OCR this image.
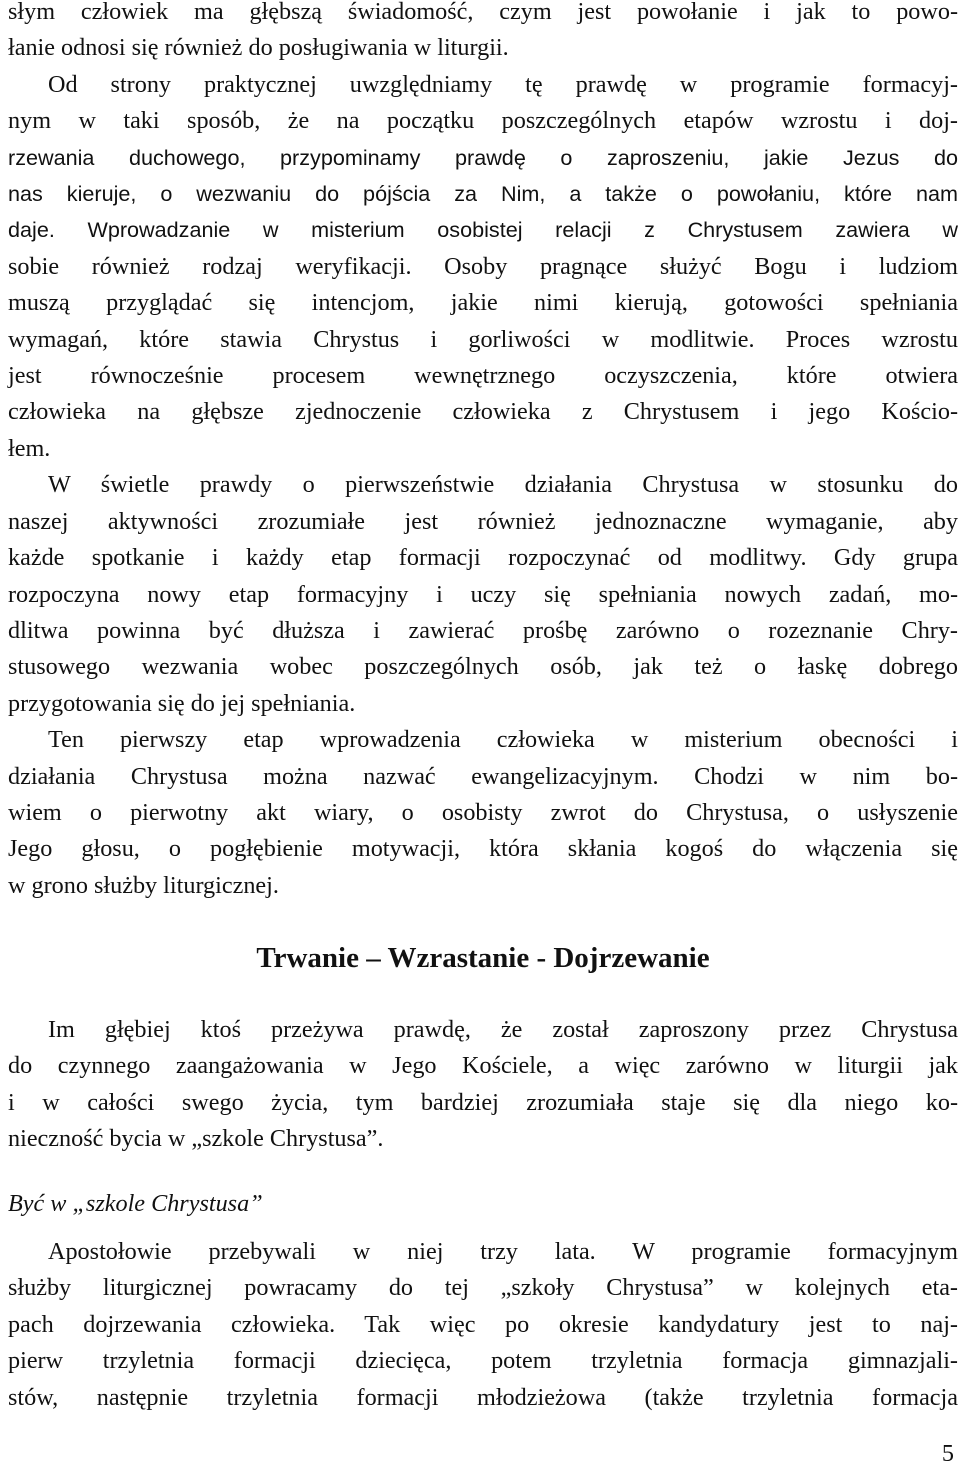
słym człowiek ma głębszą świadomość, czym jest powołanie i jak to powo-
łanie odnosi się również do posługiwania w liturgii.
Od strony praktycznej uwzględniamy tę prawdę w programie formacyj-
nym w taki sposób, że na początku poszczególnych etapów wzrostu i doj-
rzewania duchowego, przypominamy prawdę o zaproszeniu, jakie Jezus do
nas kieruje, o wezwaniu do pójścia za Nim, a także o powołaniu, które nam
daje. Wprowadzanie w misterium osobistej relacji z Chrystusem zawiera w
sobie również rodzaj weryfikacji. Osoby pragnące służyć Bogu i ludziom
muszą przyglądać się intencjom, jakie nimi kierują, gotowości spełniania
wymagań, które stawia Chrystus i gorliwości w modlitwie. Proces wzrostu
jest równocześnie procesem wewnętrznego oczyszczenia, które otwiera
człowieka na głębsze zjednoczenie człowieka z Chrystusem i jego Kościo-
łem.
W świetle prawdy o pierwszeństwie działania Chrystusa w stosunku do
naszej aktywności zrozumiałe jest również jednoznaczne wymaganie, aby
każde spotkanie i każdy etap formacji rozpoczynać od modlitwy. Gdy grupa
rozpoczyna nowy etap formacyjny i uczy się spełniania nowych zadań, mo-
dlitwa powinna być dłuższa i zawierać prośbę zarówno o rozeznanie Chry-
stusowego wezwania wobec poszczególnych osób, jak też o łaskę dobrego
przygotowania się do jej spełniania.
Ten pierwszy etap wprowadzenia człowieka w misterium obecności i
działania Chrystusa można nazwać ewangelizacyjnym. Chodzi w nim bo-
wiem o pierwotny akt wiary, o osobisty zwrot do Chrystusa, o usłyszenie
Jego głosu, o pogłębienie motywacji, która skłania kogoś do włączenia się
w grono służby liturgicznej.

Trwanie – Wzrastanie - Dojrzewanie

Im głębiej ktoś przeżywa prawdę, że został zaproszony przez Chrystusa
do czynnego zaangażowania w Jego Kościele, a więc zarówno w liturgii jak
i w całości swego życia, tym bardziej zrozumiała staje się dla niego ko-
nieczność bycia w „szkole Chrystusa”.

Być w „szkole Chrystusa”

Apostołowie przebywali w niej trzy lata. W programie formacyjnym
służby liturgicznej powracamy do tej „szkoły Chrystusa” w kolejnych eta-
pach dojrzewania człowieka. Tak więc po okresie kandydatury jest to naj-
pierw trzyletnia formacji dziecięca, potem trzyletnia formacja gimnazjali-
stów, następnie trzyletnia formacji młodzieżowa (także trzyletnia formacja

5
